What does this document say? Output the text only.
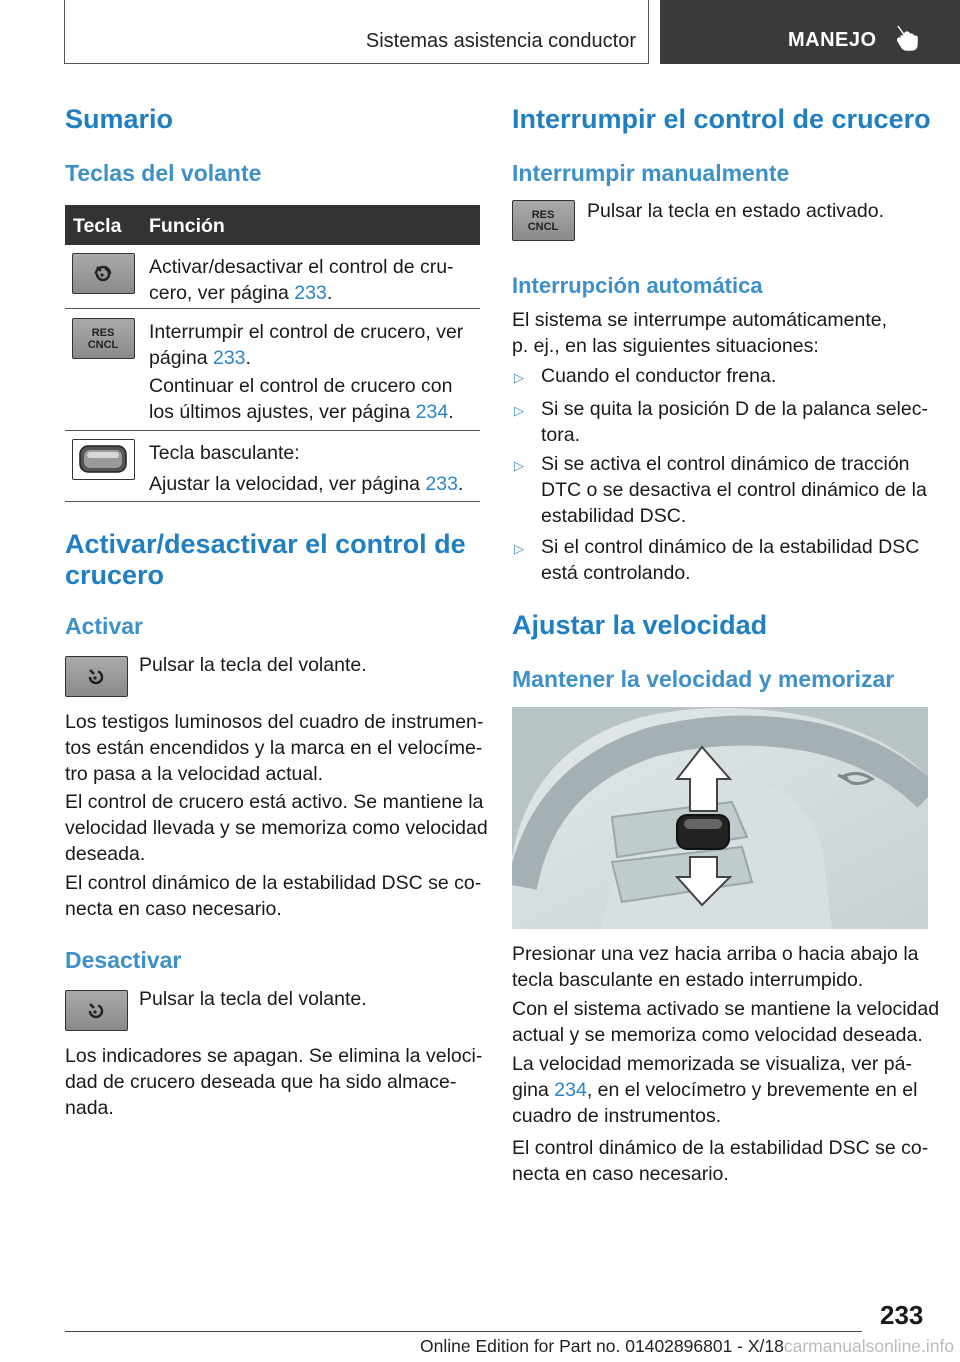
Sistemas asistencia conductor	MANEJO
Sumario
Teclas del volante
Tecla Función

Activar/desactivar el control de cru-
cero, ver página 233.

RES
CNCL

Interrumpir el control de crucero, ver
página 233.

Continuar el control de crucero con
los últimos ajustes, ver página 234.

Tecla basculante:

Ajustar la velocidad, ver página 233.

Activar/desactivar el control de
crucero
Activar

Pulsar la tecla del volante.

Los testigos luminosos del cuadro de instrumen-
tos están encendidos y la marca en el velocíme-
tro pasa a la velocidad actual.

El control de crucero está activo. Se mantiene la
velocidad llevada y se memoriza como velocidad
deseada.

El control dinámico de la estabilidad DSC se co-
necta en caso necesario.

Desactivar

Pulsar la tecla del volante.

Los indicadores se apagan. Se elimina la veloci-
dad de crucero deseada que ha sido almace-
nada.

Interrumpir el control de crucero
Interrumpir manualmente
RES
CNCL

Pulsar la tecla en estado activado.

Interrupción automática

El sistema se interrumpe automáticamente,
p. ej., en las siguientes situaciones:

▷ Cuando el conductor frena.

▷ Si se quita la posición D de la palanca selec-
tora.

▷ Si se activa el control dinámico de tracción
DTC o se desactiva el control dinámico de la
estabilidad DSC.

▷ Si el control dinámico de la estabilidad DSC
está controlando.

Ajustar la velocidad
Mantener la velocidad y memorizar

Presionar una vez hacia arriba o hacia abajo la
tecla basculante en estado interrumpido.

Con el sistema activado se mantiene la velocidad
actual y se memoriza como velocidad deseada.

La velocidad memorizada se visualiza, ver pá-
gina 234, en el velocímetro y brevemente en el
cuadro de instrumentos.

El control dinámico de la estabilidad DSC se co-
necta en caso necesario.

233
Online Edition for Part no. 01402896801 - X/18carmanualsonline.info
